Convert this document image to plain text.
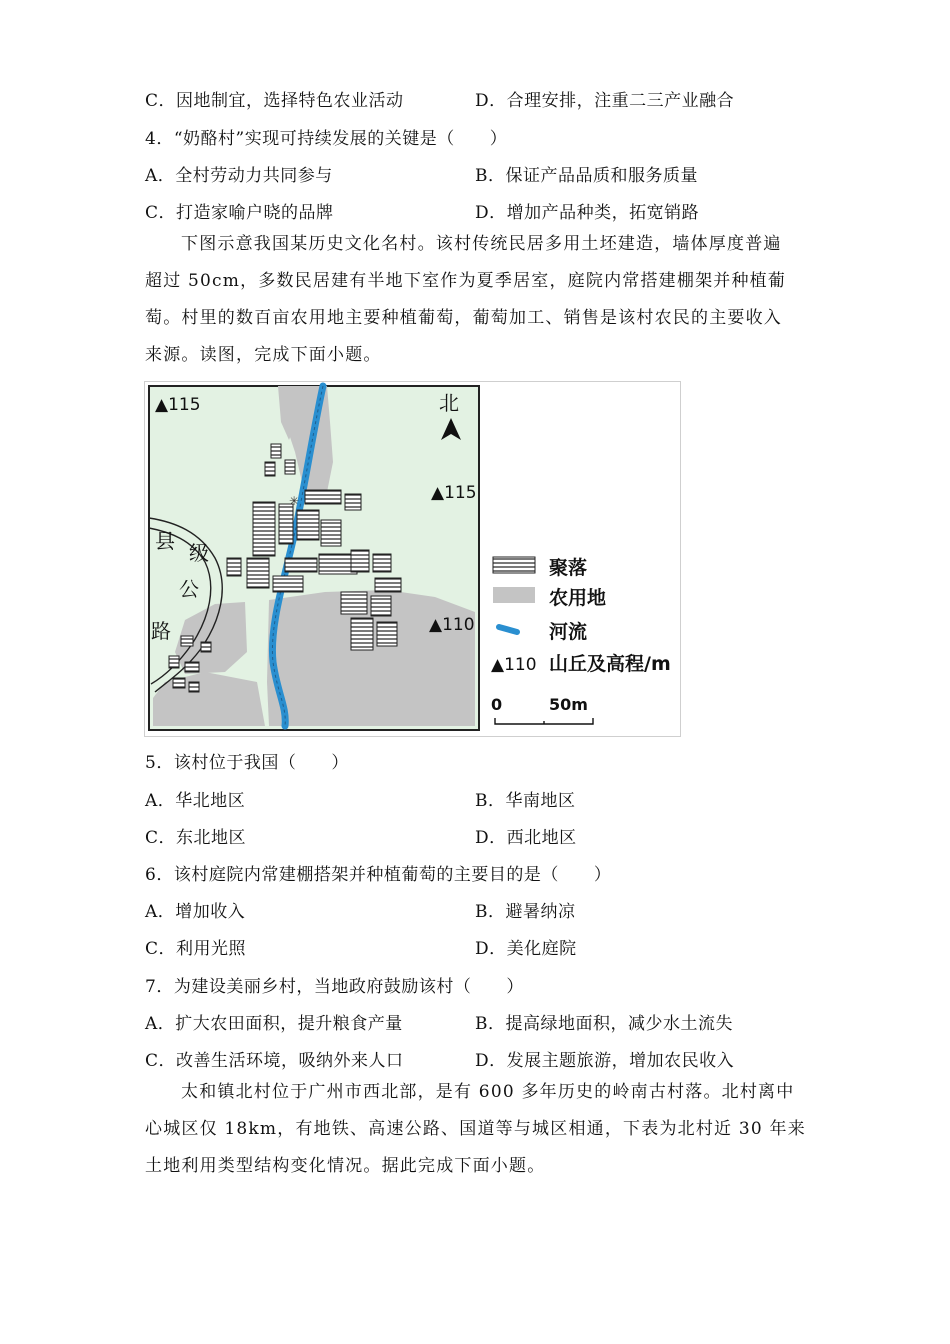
C．因地制宜，选择特色农业活动	D．合理安排，注重二三产业融合
4．“奶酪村”实现可持续发展的关键是（　　）
A．全村劳动力共同参与	B．保证产品品质和服务质量
C．打造家喻户晓的品牌	D．增加产品种类，拓宽销路
下图示意我国某历史文化名村。该村传统民居多用土坯建造，墙体厚度普遍
超过 50cm，多数民居建有半地下室作为夏季居室，庭院内常搭建棚架并种植葡
萄。村里的数百亩农用地主要种植葡萄，葡萄加工、销售是该村农民的主要收入
来源。读图，完成下面小题。
✳
▲115
▲115
▲110
北
县 级
公
路
聚落
农用地
河流
▲110 山丘及高程/m
0	50m
5．该村位于我国（　　）
A．华北地区	B．华南地区
C．东北地区	D．西北地区
6．该村庭院内常建棚搭架并种植葡萄的主要目的是（　　）
A．增加收入	B．避暑纳凉
C．利用光照	D．美化庭院
7．为建设美丽乡村，当地政府鼓励该村（　　）
A．扩大农田面积，提升粮食产量	B．提高绿地面积，减少水土流失
C．改善生活环境，吸纳外来人口	D．发展主题旅游，增加农民收入
太和镇北村位于广州市西北部，是有 600 多年历史的岭南古村落。北村离中
心城区仅 18km，有地铁、高速公路、国道等与城区相通，下表为北村近 30 年来
土地利用类型结构变化情况。据此完成下面小题。
